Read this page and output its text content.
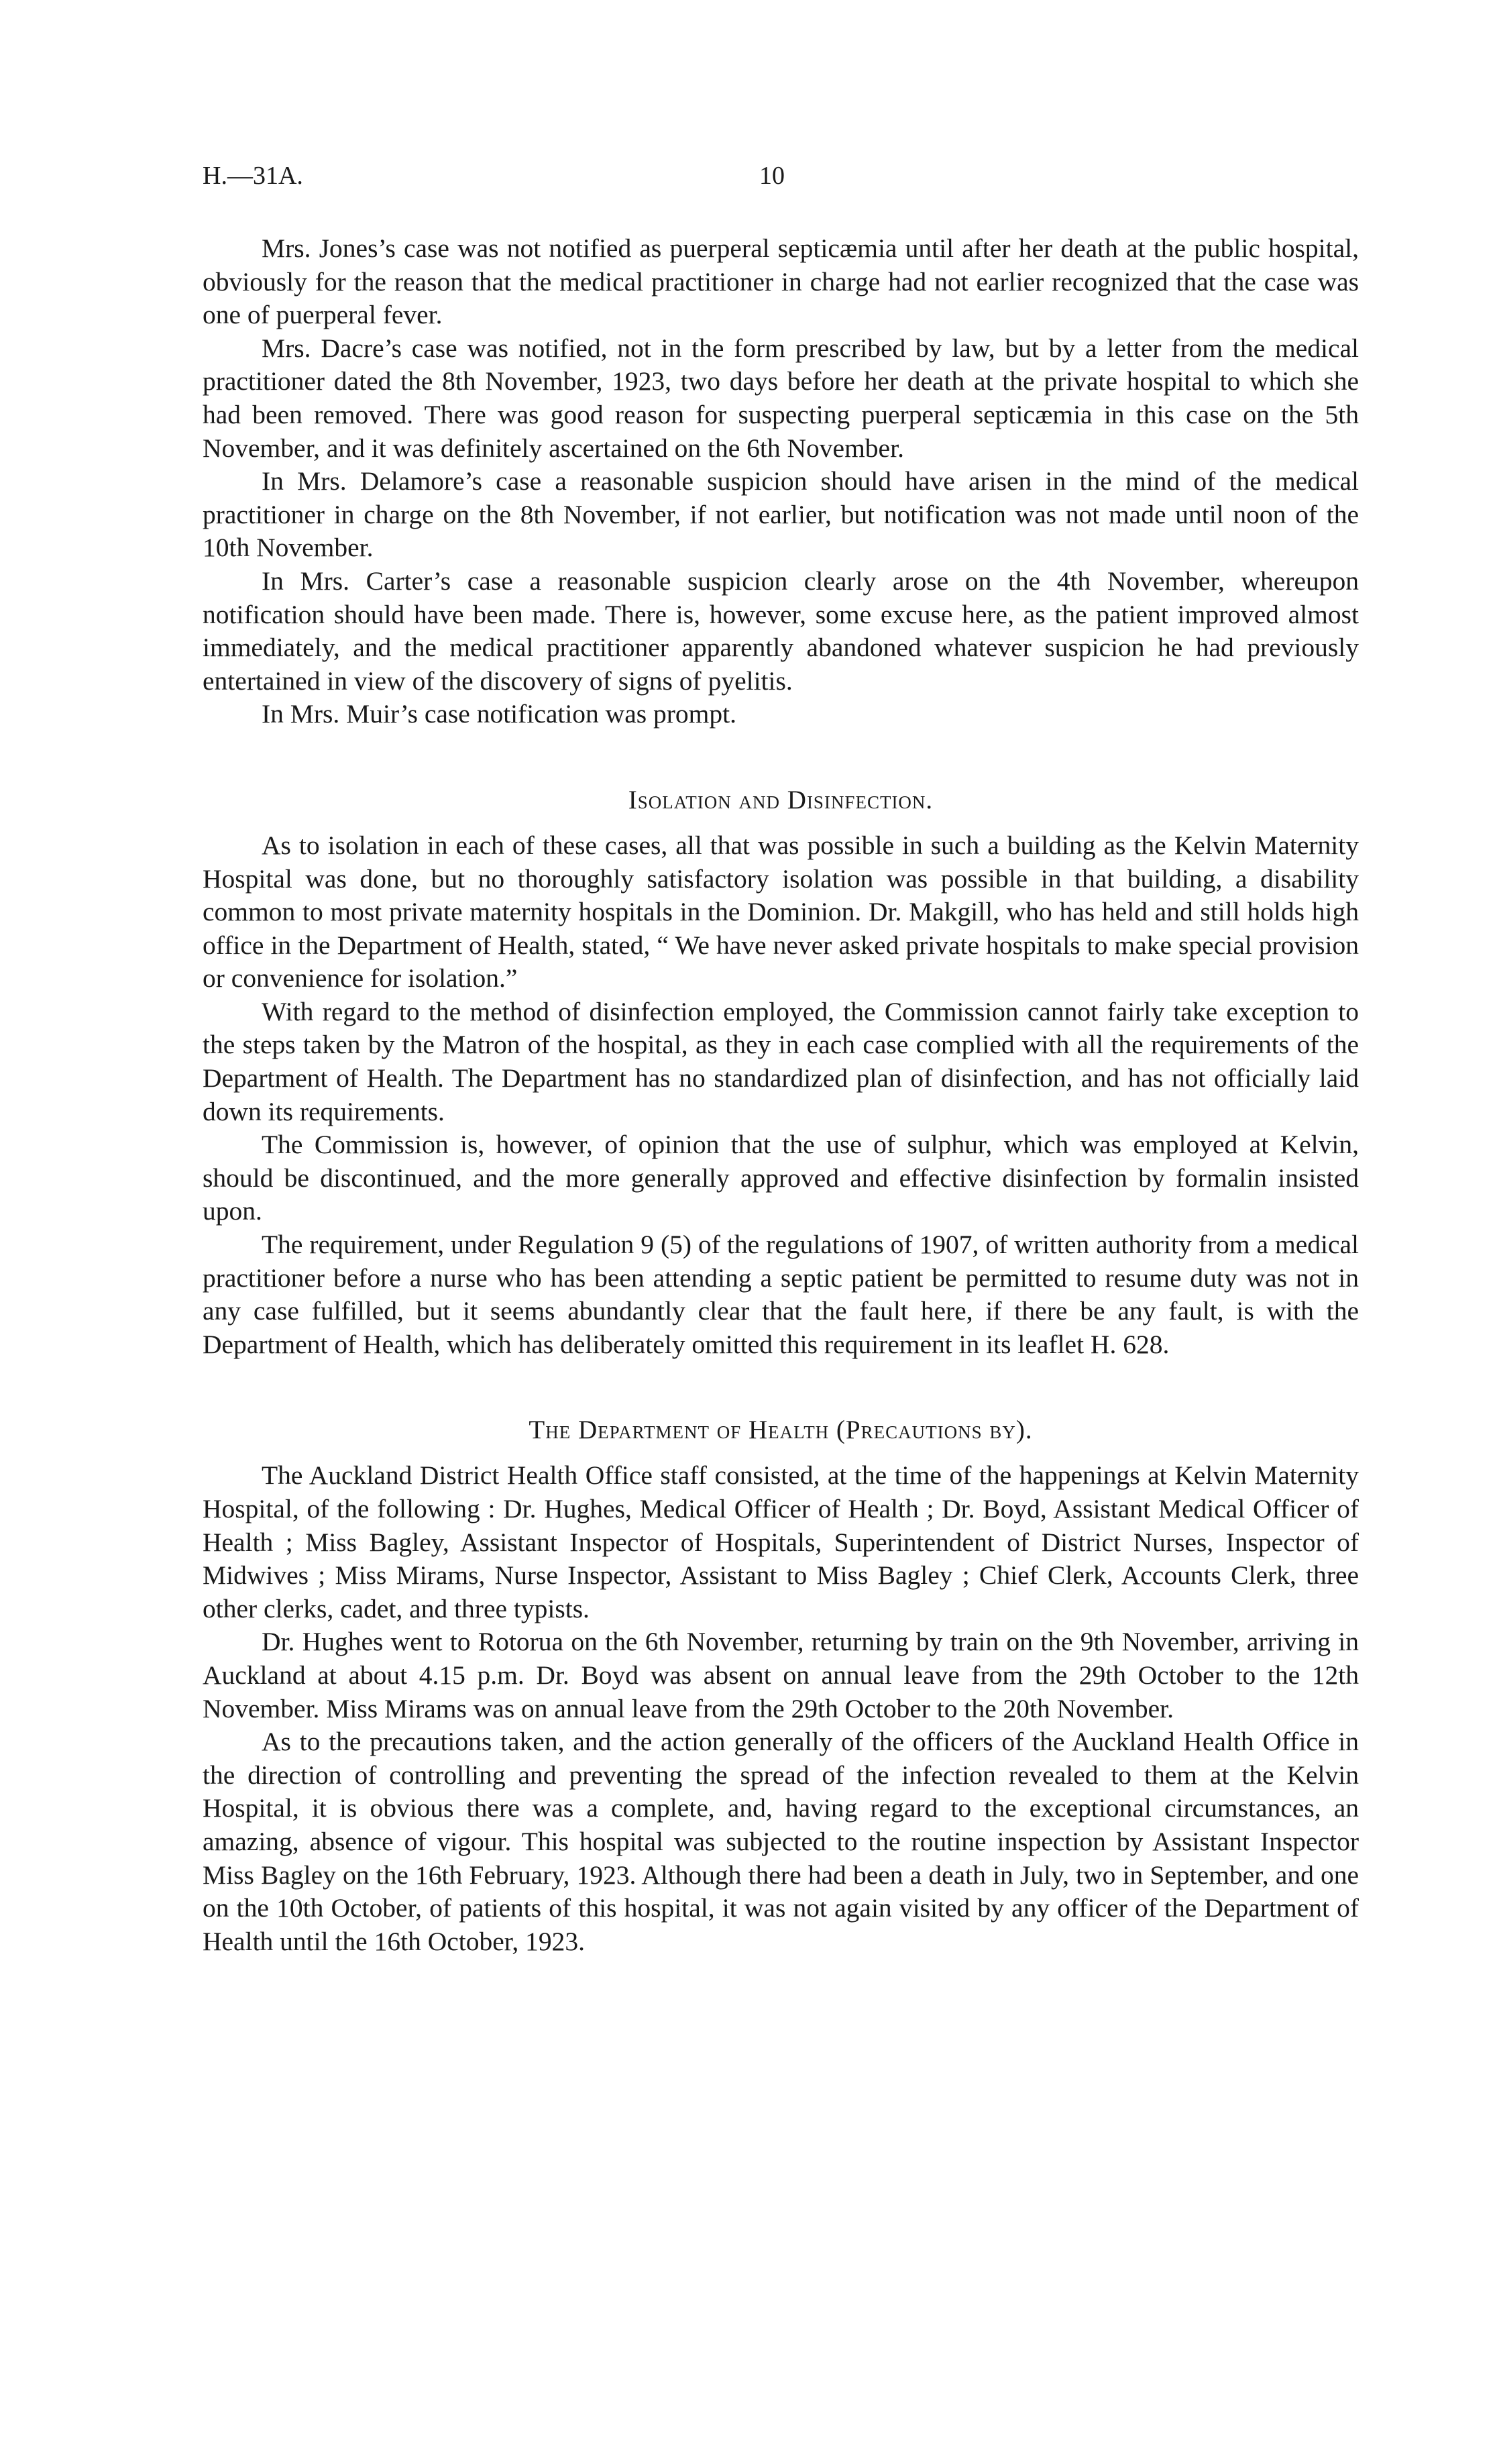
H.—31A.	10

Mrs. Jones’s case was not notified as puerperal septicæmia until after her death at the public hospital, obviously for the reason that the medical practitioner in charge had not earlier recognized that the case was one of puerperal fever.

Mrs. Dacre’s case was notified, not in the form prescribed by law, but by a letter from the medical practitioner dated the 8th November, 1923, two days before her death at the private hospital to which she had been removed. There was good reason for suspecting puerperal septicæmia in this case on the 5th November, and it was definitely ascertained on the 6th November.

In Mrs. Delamore’s case a reasonable suspicion should have arisen in the mind of the medical practitioner in charge on the 8th November, if not earlier, but notification was not made until noon of the 10th November.

In Mrs. Carter’s case a reasonable suspicion clearly arose on the 4th November, whereupon notification should have been made. There is, however, some excuse here, as the patient improved almost immediately, and the medical practitioner apparently abandoned whatever suspicion he had previously entertained in view of the discovery of signs of pyelitis.

In Mrs. Muir’s case notification was prompt.

Isolation and Disinfection.

As to isolation in each of these cases, all that was possible in such a building as the Kelvin Maternity Hospital was done, but no thoroughly satisfactory isolation was possible in that building, a disability common to most private maternity hospitals in the Dominion. Dr. Makgill, who has held and still holds high office in the Department of Health, stated, “ We have never asked private hospitals to make special provision or convenience for isolation.”

With regard to the method of disinfection employed, the Commission cannot fairly take exception to the steps taken by the Matron of the hospital, as they in each case complied with all the requirements of the Department of Health. The Department has no standardized plan of disinfection, and has not officially laid down its requirements.

The Commission is, however, of opinion that the use of sulphur, which was employed at Kelvin, should be discontinued, and the more generally approved and effective disinfection by formalin insisted upon.

The requirement, under Regulation 9 (5) of the regulations of 1907, of written authority from a medical practitioner before a nurse who has been attending a septic patient be permitted to resume duty was not in any case fulfilled, but it seems abundantly clear that the fault here, if there be any fault, is with the Department of Health, which has deliberately omitted this requirement in its leaflet H. 628.

The Department of Health (Precautions by).

The Auckland District Health Office staff consisted, at the time of the happenings at Kelvin Maternity Hospital, of the following : Dr. Hughes, Medical Officer of Health ; Dr. Boyd, Assistant Medical Officer of Health ; Miss Bagley, Assistant Inspector of Hospitals, Superintendent of District Nurses, Inspector of Midwives ; Miss Mirams, Nurse Inspector, Assistant to Miss Bagley ; Chief Clerk, Accounts Clerk, three other clerks, cadet, and three typists.

Dr. Hughes went to Rotorua on the 6th November, returning by train on the 9th November, arriving in Auckland at about 4.15 p.m. Dr. Boyd was absent on annual leave from the 29th October to the 12th November. Miss Mirams was on annual leave from the 29th October to the 20th November.

As to the precautions taken, and the action generally of the officers of the Auckland Health Office in the direction of controlling and preventing the spread of the infection revealed to them at the Kelvin Hospital, it is obvious there was a complete, and, having regard to the exceptional circumstances, an amazing, absence of vigour. This hospital was subjected to the routine inspection by Assistant Inspector Miss Bagley on the 16th February, 1923. Although there had been a death in July, two in September, and one on the 10th October, of patients of this hospital, it was not again visited by any officer of the Department of Health until the 16th October, 1923.
